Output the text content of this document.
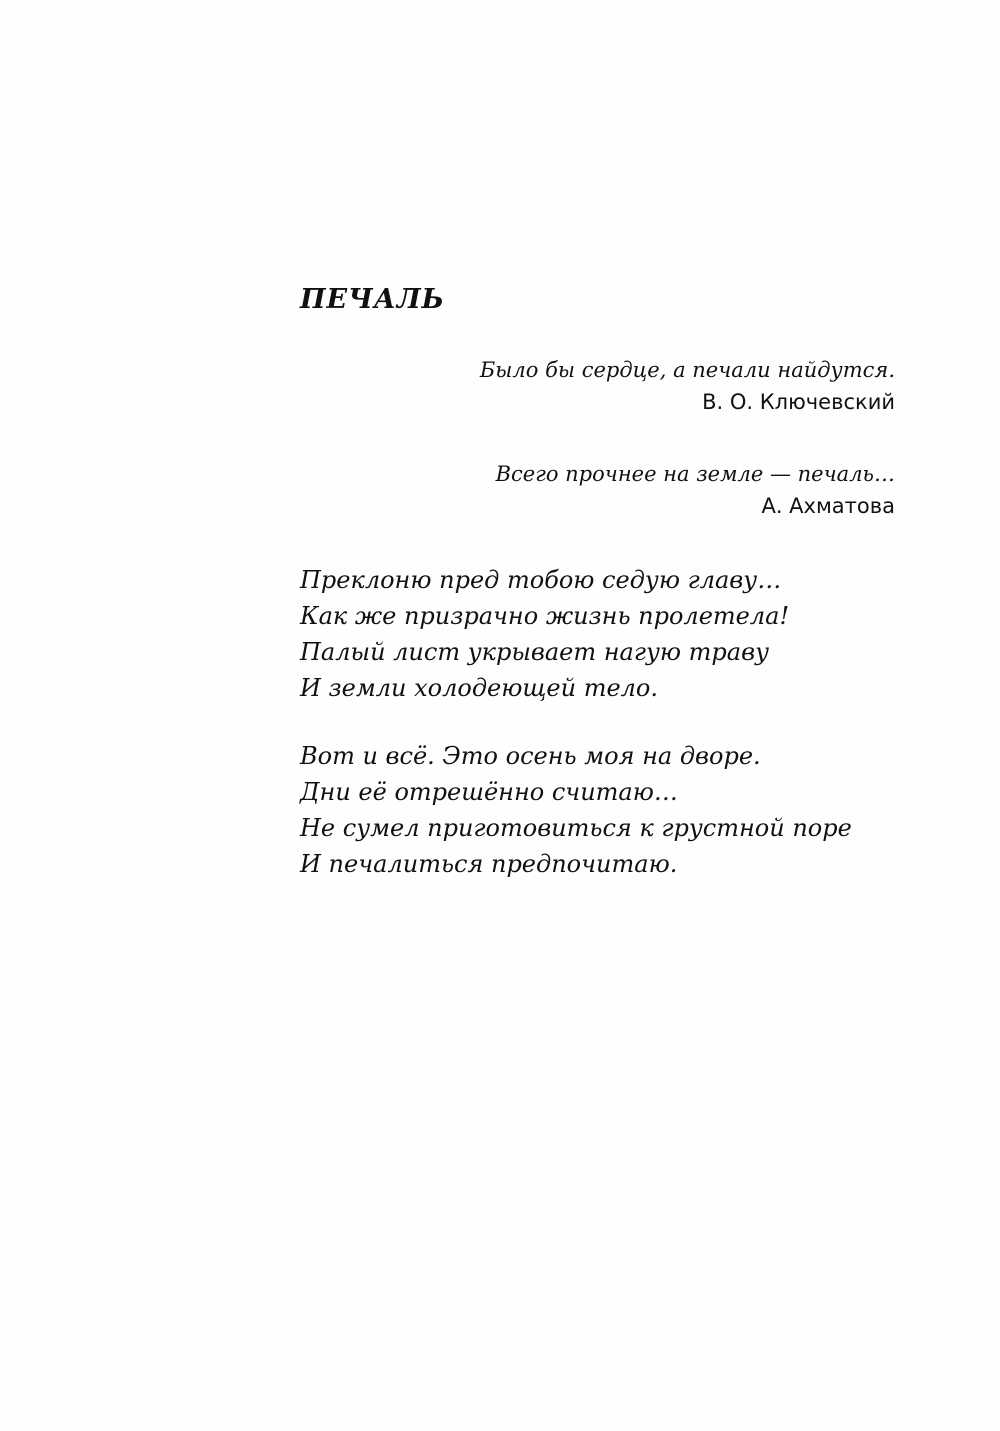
ПЕЧАЛЬ
Было бы сердце, а печали найдутся.
В. О. Ключевский
Всего прочнее на земле — печаль…
А. Ахматова
Преклоню пред тобою седую главу…
Как же призрачно жизнь пролетела!
Палый лист укрывает нагую траву
И земли холодеющей тело.
Вот и всё. Это осень моя на дворе.
Дни её отрешённо считаю…
Не сумел приготовиться к грустной поре
И печалиться предпочитаю.
